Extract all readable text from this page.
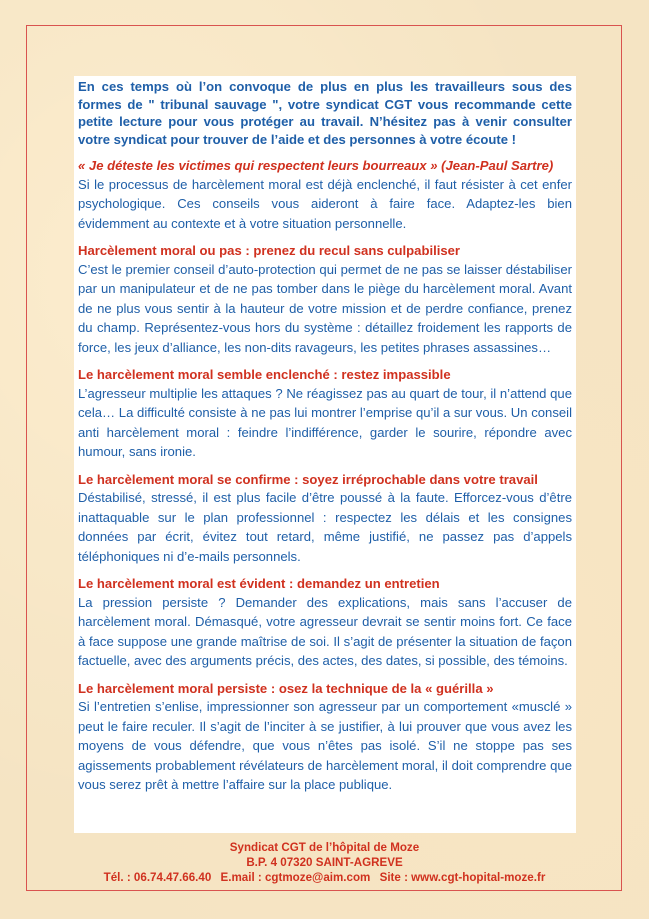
En ces temps où l’on convoque de plus en plus les travailleurs sous des formes de " tribunal sauvage ", votre syndicat CGT vous recommande cette petite lecture pour vous protéger au travail. N’hésitez pas à venir consulter votre syndicat pour trouver de l’aide et des personnes à votre écoute !

« Je déteste les victimes qui respectent leurs bourreaux » (Jean-Paul Sartre)

Si le processus de harcèlement moral est déjà enclenché, il faut résister à cet enfer psychologique. Ces conseils vous aideront à faire face. Adaptez-les bien évidemment au contexte et à votre situation personnelle.

Harcèlement moral ou pas : prenez du recul sans culpabiliser

C’est le premier conseil d’auto-protection qui permet de ne pas se laisser déstabiliser par un manipulateur et de ne pas tomber dans le piège du harcèlement moral. Avant de ne plus vous sentir à la hauteur de votre mission et de perdre confiance, prenez du champ. Représentez-vous hors du système : détaillez froidement les rapports de force, les jeux d’alliance, les non-dits ravageurs, les petites phrases assassines…

Le harcèlement moral semble enclenché : restez impassible

L’agresseur multiplie les attaques ? Ne réagissez pas au quart de tour, il n’attend que cela… La difficulté consiste à ne pas lui montrer l’emprise qu’il a sur vous. Un conseil anti harcèlement moral : feindre l’indifférence, garder le sourire, répondre avec humour, sans ironie.

Le harcèlement moral se confirme : soyez irréprochable dans votre travail

Déstabilisé, stressé, il est plus facile d’être poussé à la faute. Efforcez-vous d’être inattaquable sur le plan professionnel : respectez les délais et les consignes données par écrit, évitez tout retard, même justifié, ne passez pas d’appels téléphoniques ni d’e-mails personnels.

Le harcèlement moral est évident : demandez un entretien

La pression persiste ? Demander des explications, mais sans l’accuser de harcèlement moral. Démasqué, votre agresseur devrait se sentir moins fort. Ce face à face suppose une grande maîtrise de soi. Il s’agit de présenter la situation de façon factuelle, avec des arguments précis, des actes, des dates, si possible, des témoins.

Le harcèlement moral persiste : osez la technique de la « guérilla »

Si l’entretien s’enlise, impressionner son agresseur par un comportement «musclé » peut le faire reculer. Il s’agit de l’inciter à se justifier, à lui prouver que vous avez les moyens de vous défendre, que vous n’êtes pas isolé. S’il ne stoppe pas ses agissements probablement révélateurs de harcèlement moral, il doit comprendre que vous serez prêt à mettre l’affaire sur la place publique.

Syndicat CGT de l’hôpital de Moze
B.P. 4 07320 SAINT-AGREVE
Tél. : 06.74.47.66.40 E.mail : cgtmoze@aim.com Site : www.cgt-hopital-moze.fr
